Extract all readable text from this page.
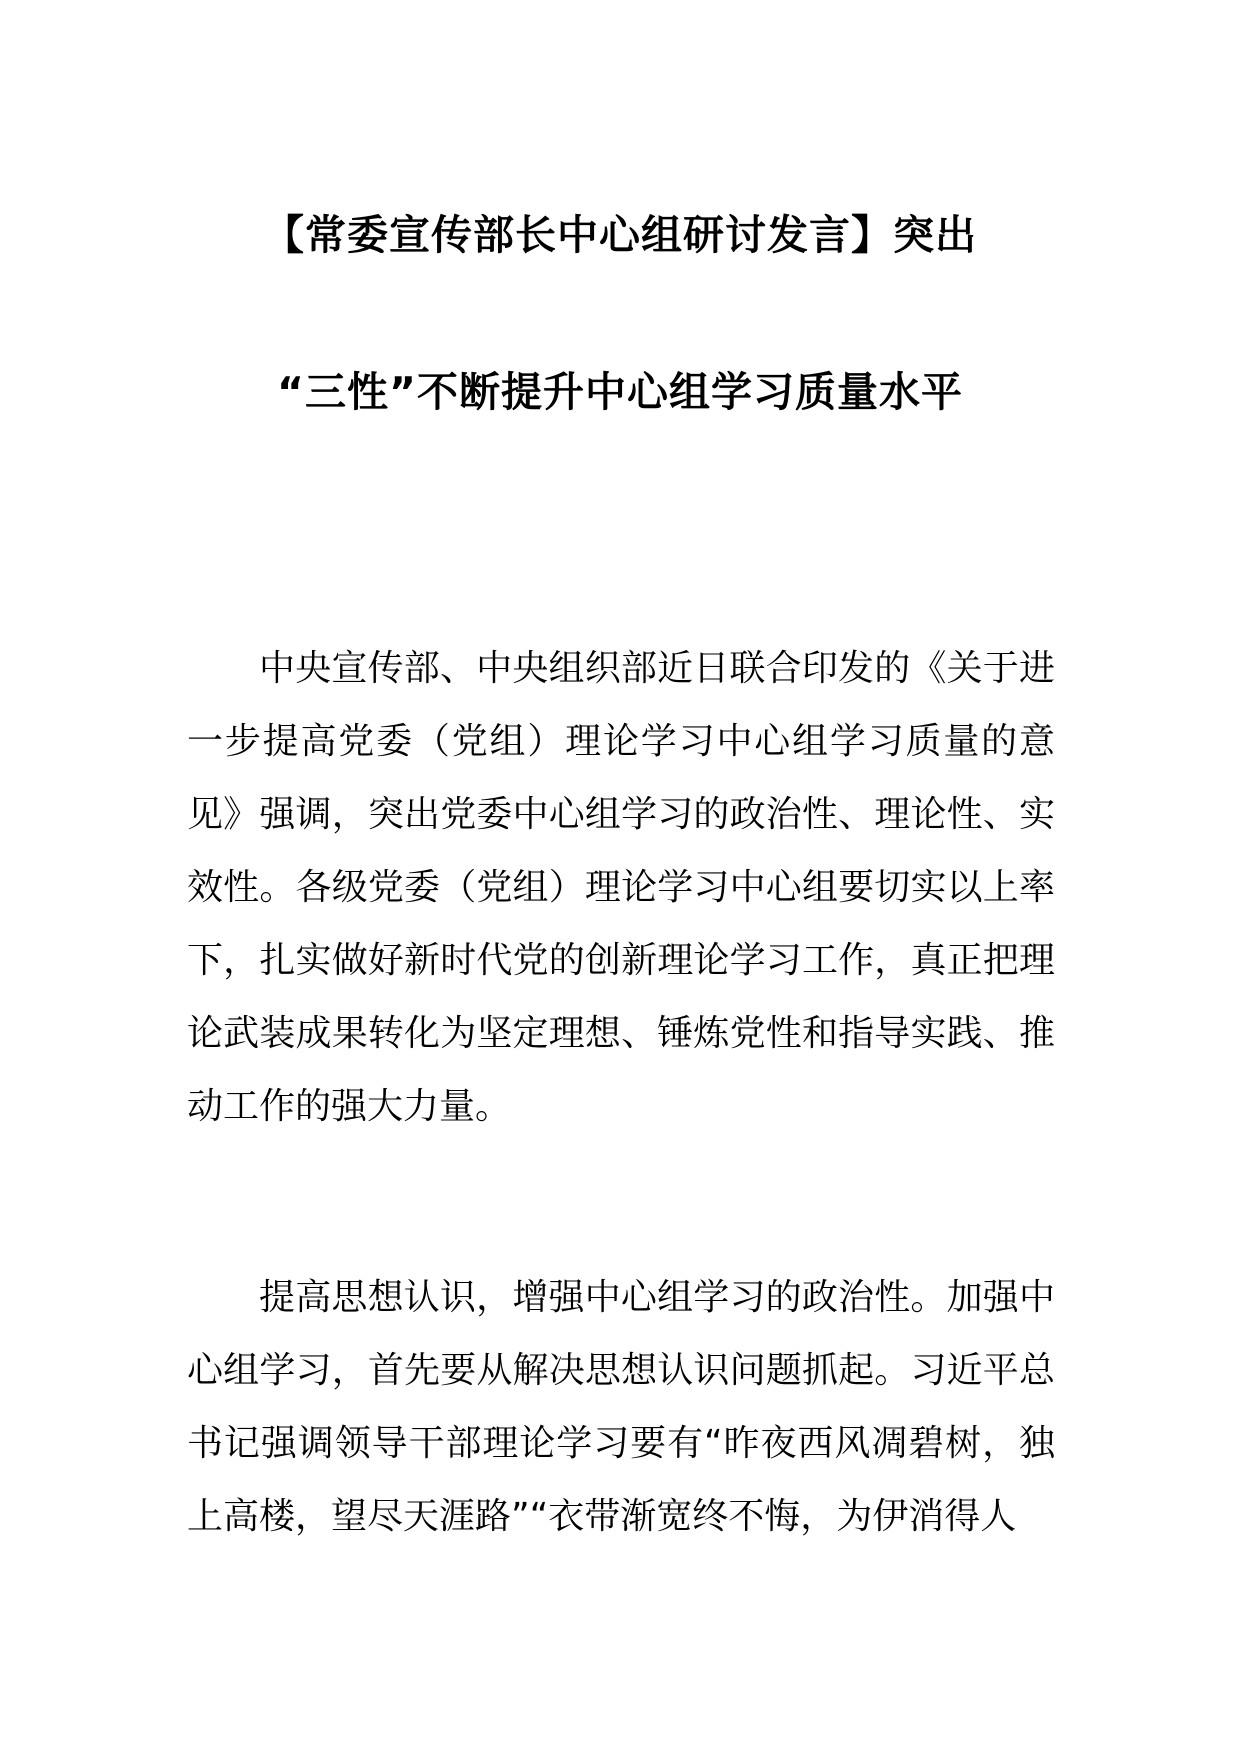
【常委宣传部长中心组研讨发言】突出
“三性”不断提升中心组学习质量水平

中央宣传部、中央组织部近日联合印发的《关于进一步提高党委（党组）理论学习中心组学习质量的意见》强调，突出党委中心组学习的政治性、理论性、实效性。各级党委（党组）理论学习中心组要切实以上率下，扎实做好新时代党的创新理论学习工作，真正把理论武装成果转化为坚定理想、锤炼党性和指导实践、推动工作的强大力量。

提高思想认识，增强中心组学习的政治性。加强中心组学习，首先要从解决思想认识问题抓起。习近平总书记强调领导干部理论学习要有“昨夜西风凋碧树，独上高楼，望尽天涯路”“衣带渐宽终不悔，为伊消得人
